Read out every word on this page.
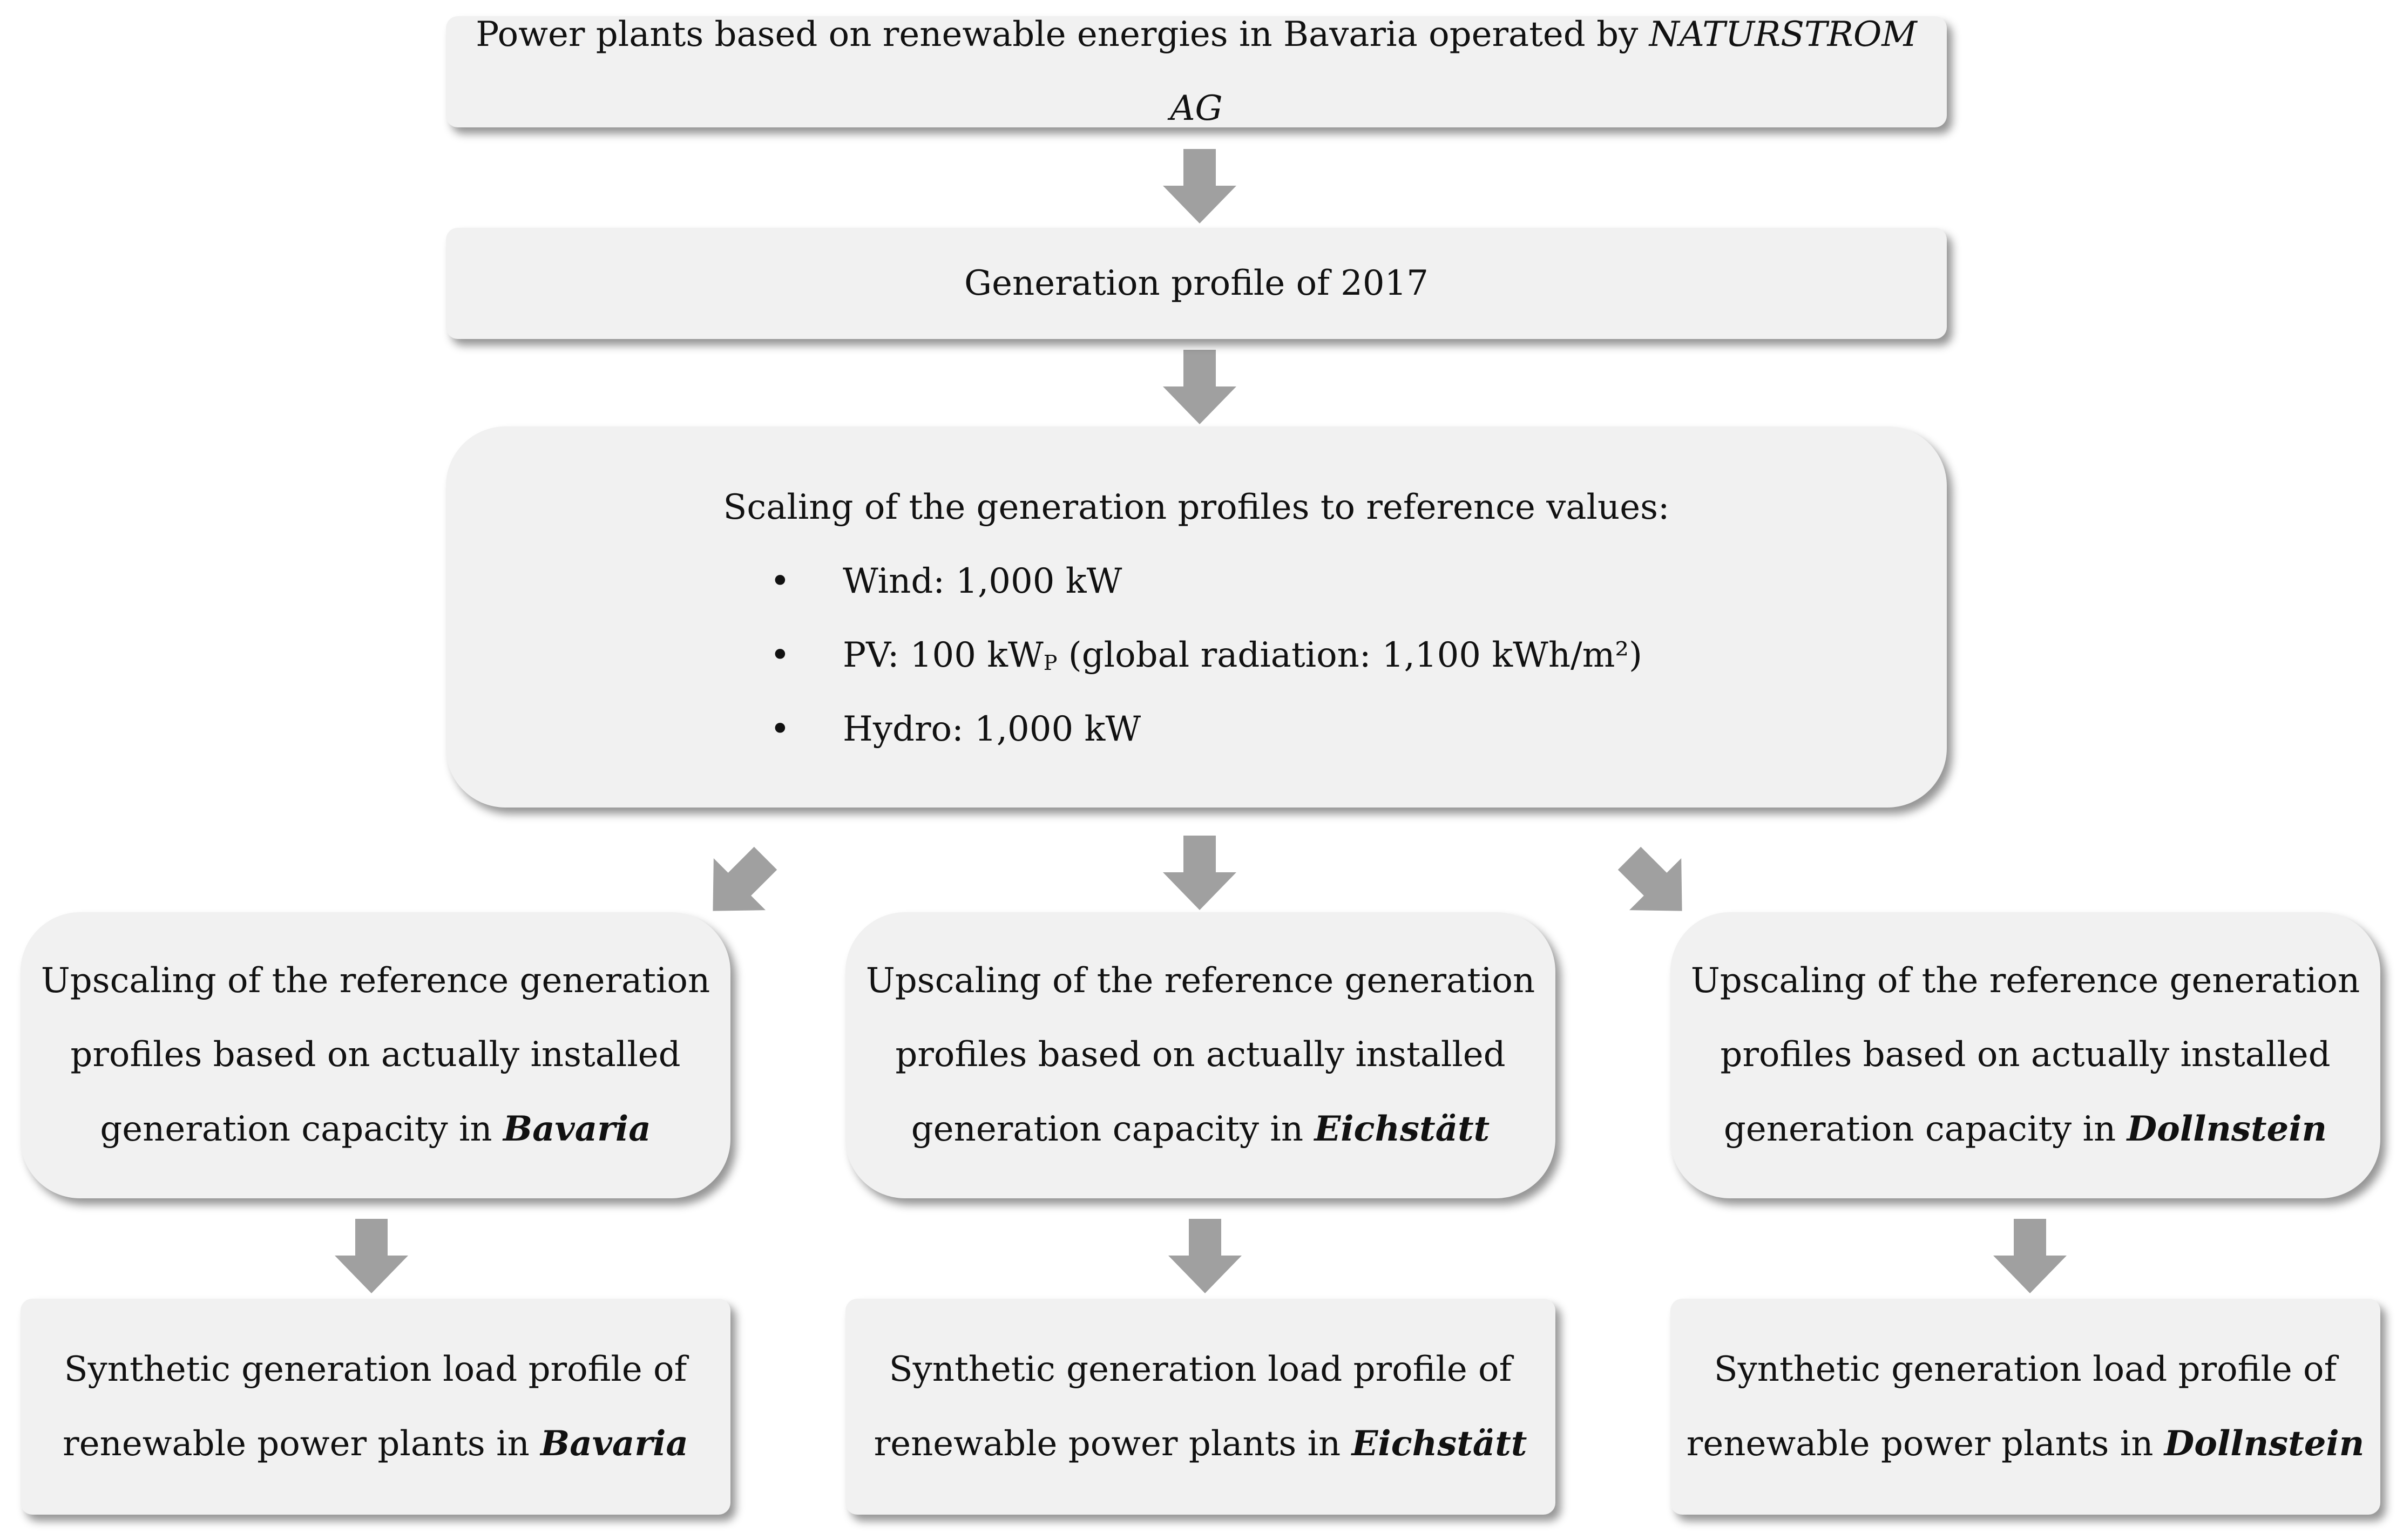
Power plants based on renewable energies in Bavaria operated by NATURSTROM AG
Generation profile of 2017
Scaling of the generation profiles to reference values:
• Wind: 1,000 kW
• PV: 100 $kW_P$ (global radiation: 1,100 kWh/m²)
• Hydro: 1,000 kW
Upscaling of the reference generation
profiles based on actually installed
generation capacity in Bavaria
Upscaling of the reference generation
profiles based on actually installed
generation capacity in Eichstätt
Upscaling of the reference generation
profiles based on actually installed
generation capacity in Dollnstein
Synthetic generation load profile of
renewable power plants in Bavaria
Synthetic generation load profile of
renewable power plants in Eichstätt
Synthetic generation load profile of
renewable power plants in Dollnstein
